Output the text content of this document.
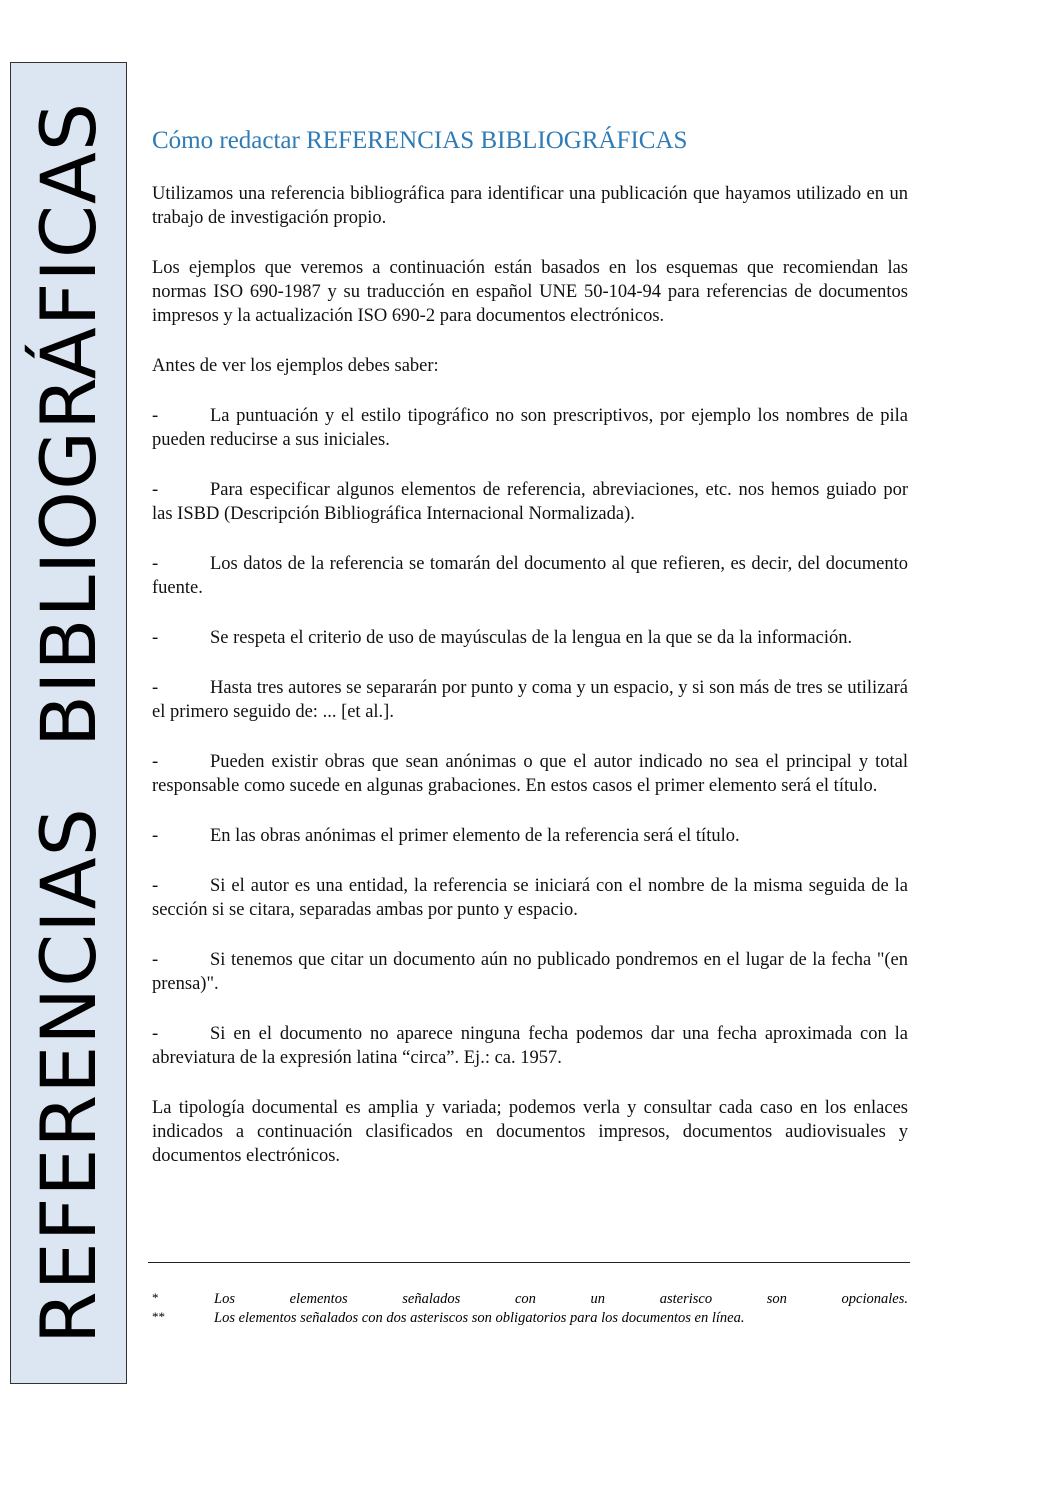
REFERENCIASBIBLIOGRÁFICAS Cómo redactar REFERENCIAS BIBLIOGRÁFICAS

Utilizamos una referencia bibliográfica para identificar una publicación que hayamos utilizado en un trabajo de investigación propio.

Los ejemplos que veremos a continuación están basados en los esquemas que recomiendan las normas ISO 690-1987 y su traducción en español UNE 50-104-94 para referencias de documentos impresos y la actualización ISO 690-2 para documentos electrónicos.

Antes de ver los ejemplos debes saber:

-	La puntuación y el estilo tipográfico no son prescriptivos, por ejemplo los nombres de pila pueden reducirse a sus iniciales.

-	Para especificar algunos elementos de referencia, abreviaciones, etc. nos hemos guiado por las ISBD (Descripción Bibliográfica Internacional Normalizada).

-	Los datos de la referencia se tomarán del documento al que refieren, es decir, del documento fuente.

-	Se respeta el criterio de uso de mayúsculas de la lengua en la que se da la información.

-	Hasta tres autores se separarán por punto y coma y un espacio, y si son más de tres se utilizará el primero seguido de: ... [et al.].

-	Pueden existir obras que sean anónimas o que el autor indicado no sea el principal y total responsable como sucede en algunas grabaciones. En estos casos el primer elemento será el título.

-	En las obras anónimas el primer elemento de la referencia será el título.

-	Si el autor es una entidad, la referencia se iniciará con el nombre de la misma seguida de la sección si se citara, separadas ambas por punto y espacio.

-	Si tenemos que citar un documento aún no publicado pondremos en el lugar de la fecha "(en prensa)".

-	Si en el documento no aparece ninguna fecha podemos dar una fecha aproximada con la abreviatura de la expresión latina “circa”. Ej.: ca. 1957.

La tipología documental es amplia y variada; podemos verla y consultar cada caso en los enlaces indicados a continuación clasificados en documentos impresos, documentos audiovisuales y documentos electrónicos.

*	Los elementos señalados con un asterisco son opcionales.
**	Los elementos señalados con dos asteriscos son obligatorios para los documentos en línea.
